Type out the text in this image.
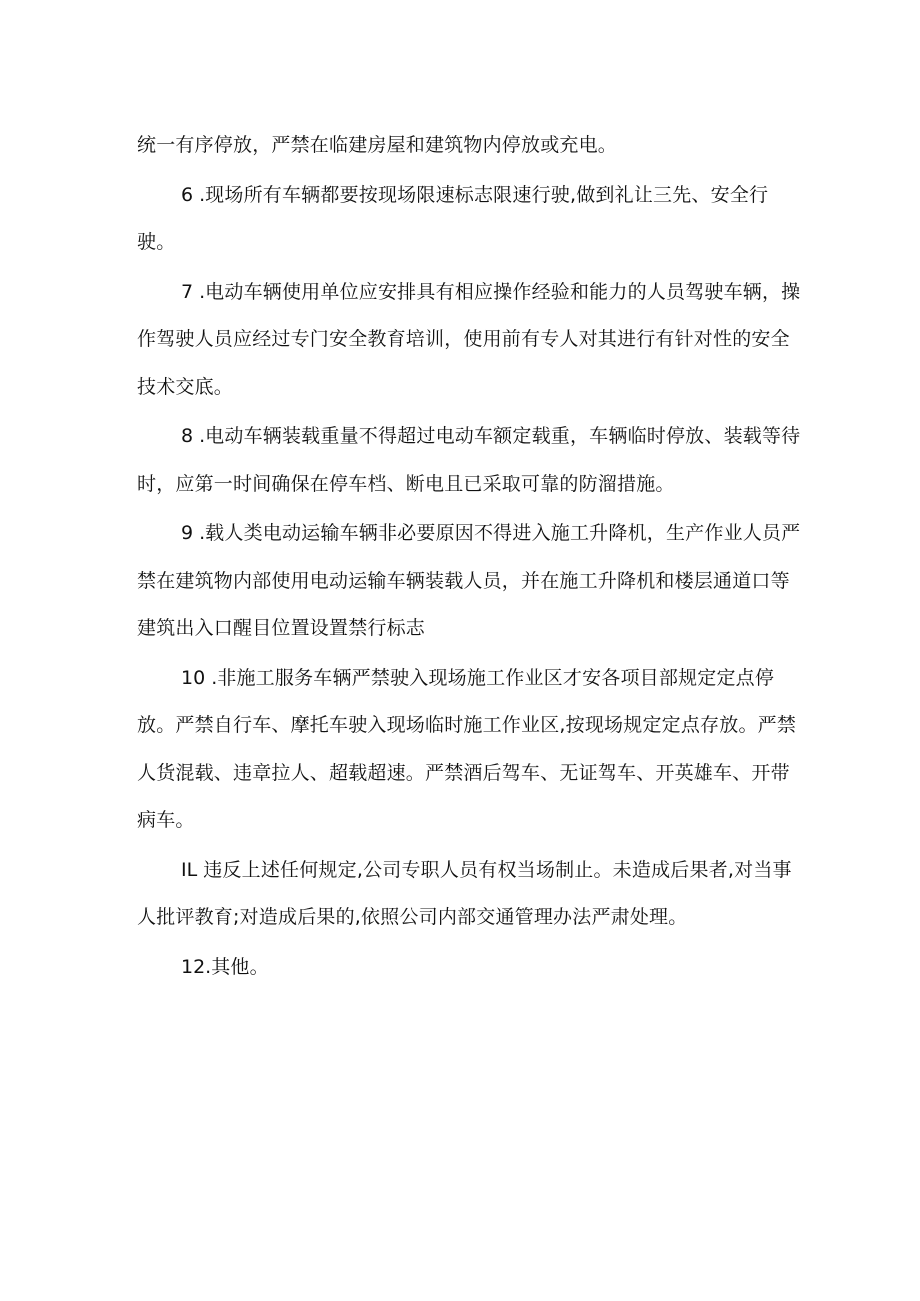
统一有序停放，严禁在临建房屋和建筑物内停放或充电。

6 .现场所有车辆都要按现场限速标志限速行驶,做到礼让三先、安全行驶。

7 .电动车辆使用单位应安排具有相应操作经验和能力的人员驾驶车辆，操作驾驶人员应经过专门安全教育培训，使用前有专人对其进行有针对性的安全技术交底。

8 .电动车辆装载重量不得超过电动车额定载重，车辆临时停放、装载等待时，应第一时间确保在停车档、断电且已采取可靠的防溜措施。

9 .载人类电动运输车辆非必要原因不得进入施工升降机，生产作业人员严禁在建筑物内部使用电动运输车辆装载人员，并在施工升降机和楼层通道口等建筑出入口醒目位置设置禁行标志

10 .非施工服务车辆严禁驶入现场施工作业区才安各项目部规定定点停放。严禁自行车、摩托车驶入现场临时施工作业区,按现场规定定点存放。严禁人货混载、违章拉人、超载超速。严禁酒后驾车、无证驾车、开英雄车、开带病车。

IL 违反上述任何规定,公司专职人员有权当场制止。未造成后果者,对当事人批评教育;对造成后果的,依照公司内部交通管理办法严肃处理。

12.其他。
